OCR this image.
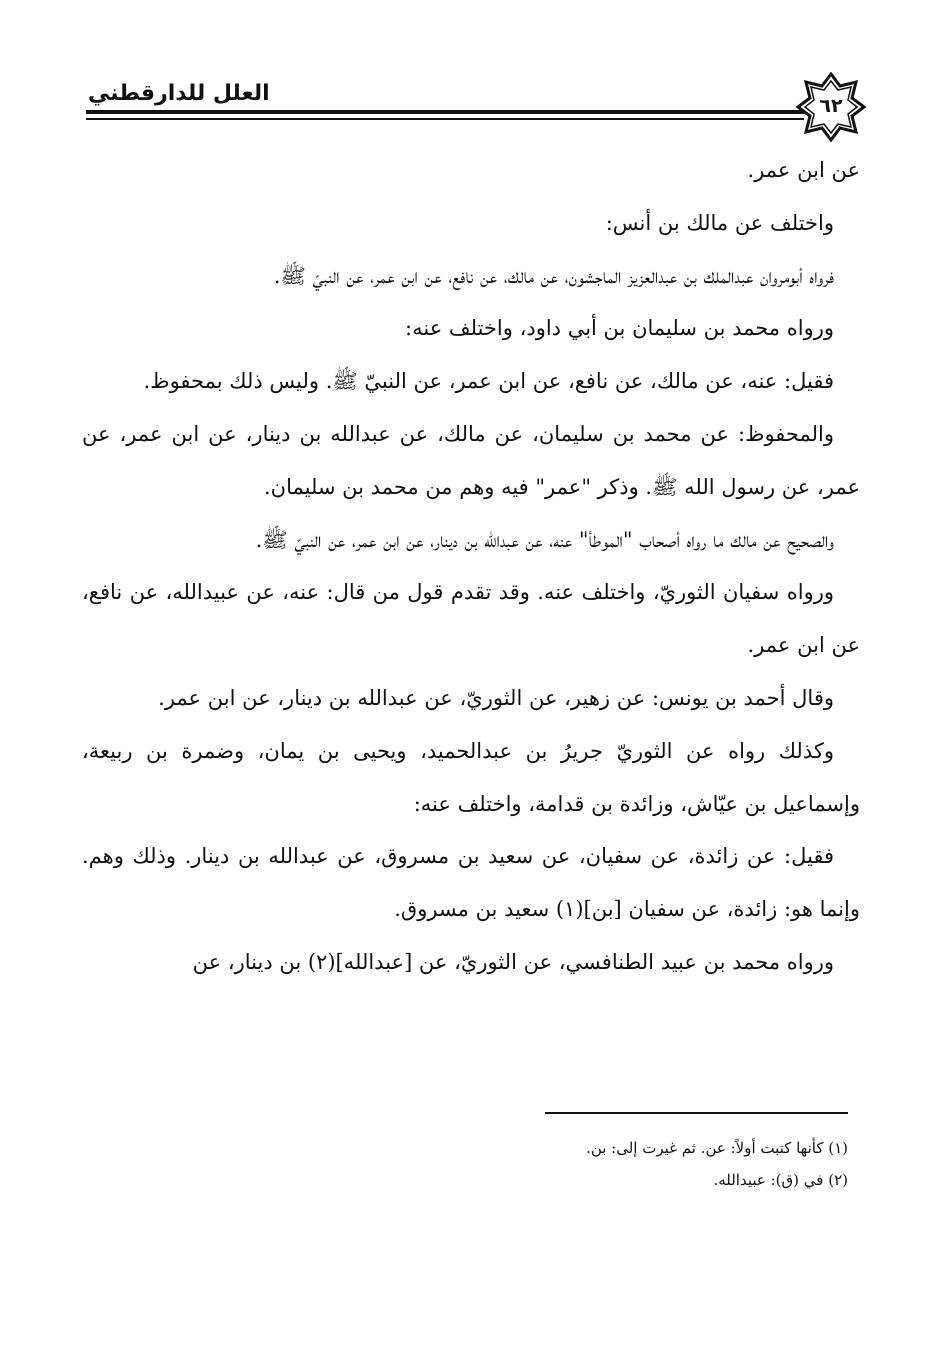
العلل للدارقطني	٦٢

عن ابن عمر.

واختلف عن مالك بن أنس:

فرواه أبومروان عبدالملك بن عبدالعزيز الماجشون، عن مالك، عن نافع، عن ابن عمر، عن النبيّ ﷺ.

ورواه محمد بن سليمان بن أبي داود، واختلف عنه:

فقيل: عنه، عن مالك، عن نافع، عن ابن عمر، عن النبيّ ﷺ. وليس ذلك بمحفوظ.

والمحفوظ: عن محمد بن سليمان، عن مالك، عن عبدالله بن دينار، عن ابن عمر، عن عمر، عن رسول الله ﷺ. وذكر "عمر" فيه وهم من محمد بن سليمان.

والصحيح عن مالك ما رواه أصحاب "الموطأ" عنه، عن عبدالله بن دينار، عن ابن عمر، عن النبيّ ﷺ.

ورواه سفيان الثوريّ، واختلف عنه. وقد تقدم قول من قال: عنه، عن عبيدالله، عن نافع، عن ابن عمر.

وقال أحمد بن يونس: عن زهير، عن الثوريّ، عن عبدالله بن دينار، عن ابن عمر.

وكذلك رواه عن الثوريّ جريرُ بن عبدالحميد، ويحيى بن يمان، وضمرة بن ربيعة، وإسماعيل بن عيّاش، وزائدة بن قدامة، واختلف عنه:

فقيل: عن زائدة، عن سفيان، عن سعيد بن مسروق، عن عبدالله بن دينار. وذلك وهم. وإنما هو: زائدة، عن سفيان [بن](١) سعيد بن مسروق.

ورواه محمد بن عبيد الطنافسي، عن الثوريّ، عن [عبدالله](٢) بن دينار، عن

(١) كأنها كتبت أولاً: عن. ثم غيرت إلى: بن.

(٢) في (ق): عبيدالله.
